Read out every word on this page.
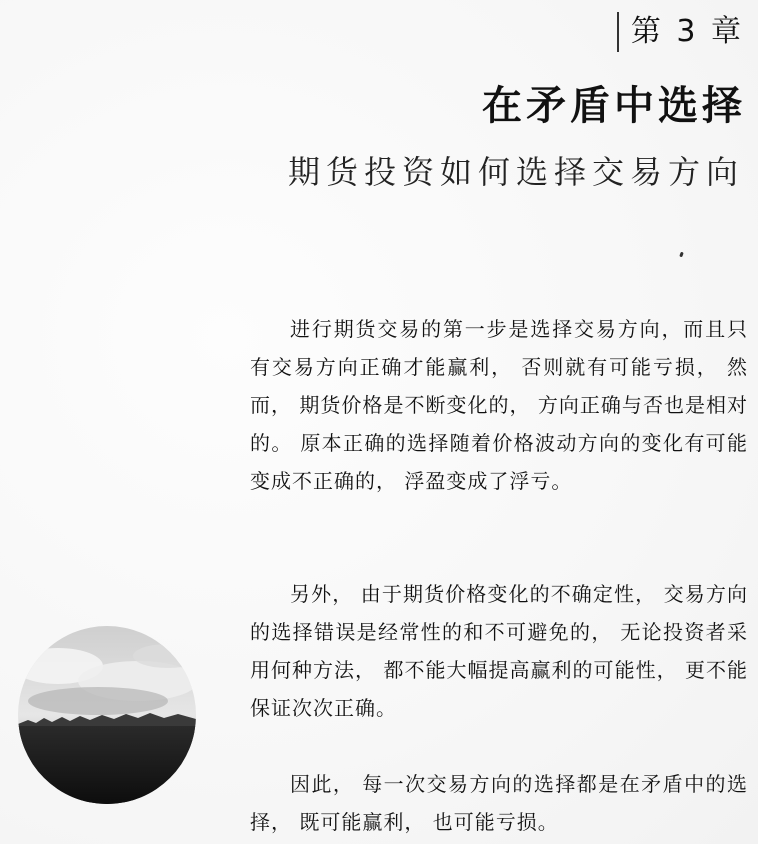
第 3 章
在矛盾中选择
期货投资如何选择交易方向

进行期货交易的第一步是选择交易方向，而且只有交易方向正确才能赢利， 否则就有可能亏损， 然而， 期货价格是不断变化的， 方向正确与否也是相对的。 原本正确的选择随着价格波动方向的变化有可能变成不正确的， 浮盈变成了浮亏。

另外， 由于期货价格变化的不确定性， 交易方向的选择错误是经常性的和不可避免的， 无论投资者采用何种方法， 都不能大幅提高赢利的可能性， 更不能保证次次正确。

因此， 每一次交易方向的选择都是在矛盾中的选择， 既可能赢利， 也可能亏损。
